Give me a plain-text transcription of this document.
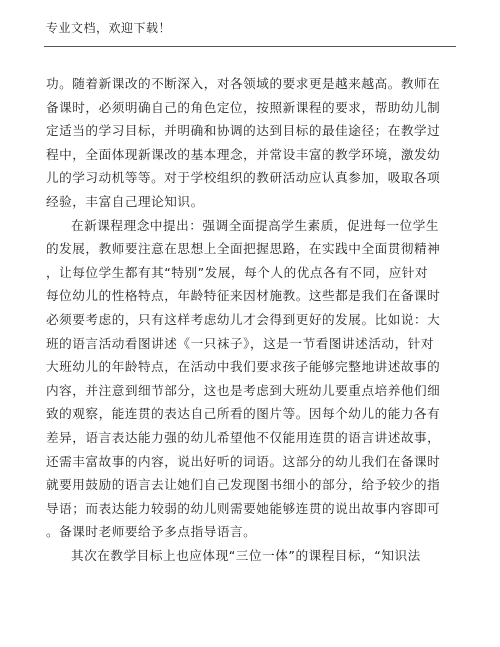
专业文档，欢迎下载！
功。随着新课改的不断深入，对各领域的要求更是越来越高。教师在
备课时，必须明确自己的角色定位，按照新课程的要求，帮助幼儿制
定适当的学习目标，并明确和协调的达到目标的最佳途径；在教学过
程中，全面体现新课改的基本理念，并常设丰富的教学环境，激发幼
儿的学习动机等等。对于学校组织的教研活动应认真参加，吸取各项
经验，丰富自己理论知识。
在新课程理念中提出：强调全面提高学生素质，促进每一位学生
的发展，教师要注意在思想上全面把握思路，在实践中全面贯彻精神
，让每位学生都有其“特别”发展，每个人的优点各有不同，应针对
每位幼儿的性格特点，年龄特征来因材施教。这些都是我们在备课时
必须要考虑的，只有这样考虑幼儿才会得到更好的发展。比如说：大
班的语言活动看图讲述《一只袜子》，这是一节看图讲述活动，针对
大班幼儿的年龄特点，在活动中我们要求孩子能够完整地讲述故事的
内容，并注意到细节部分，这也是考虑到大班幼儿要重点培养他们细
致的观察，能连贯的表达自己所看的图片等。因每个幼儿的能力各有
差异，语言表达能力强的幼儿希望他不仅能用连贯的语言讲述故事，
还需丰富故事的内容，说出好听的词语。这部分的幼儿我们在备课时
就要用鼓励的语言去让她们自己发现图书细小的部分，给予较少的指
导语；而表达能力较弱的幼儿则需要她能够连贯的说出故事内容即可
。备课时老师要给予多点指导语言。
其次在教学目标上也应体现“三位一体”的课程目标，“知识法
